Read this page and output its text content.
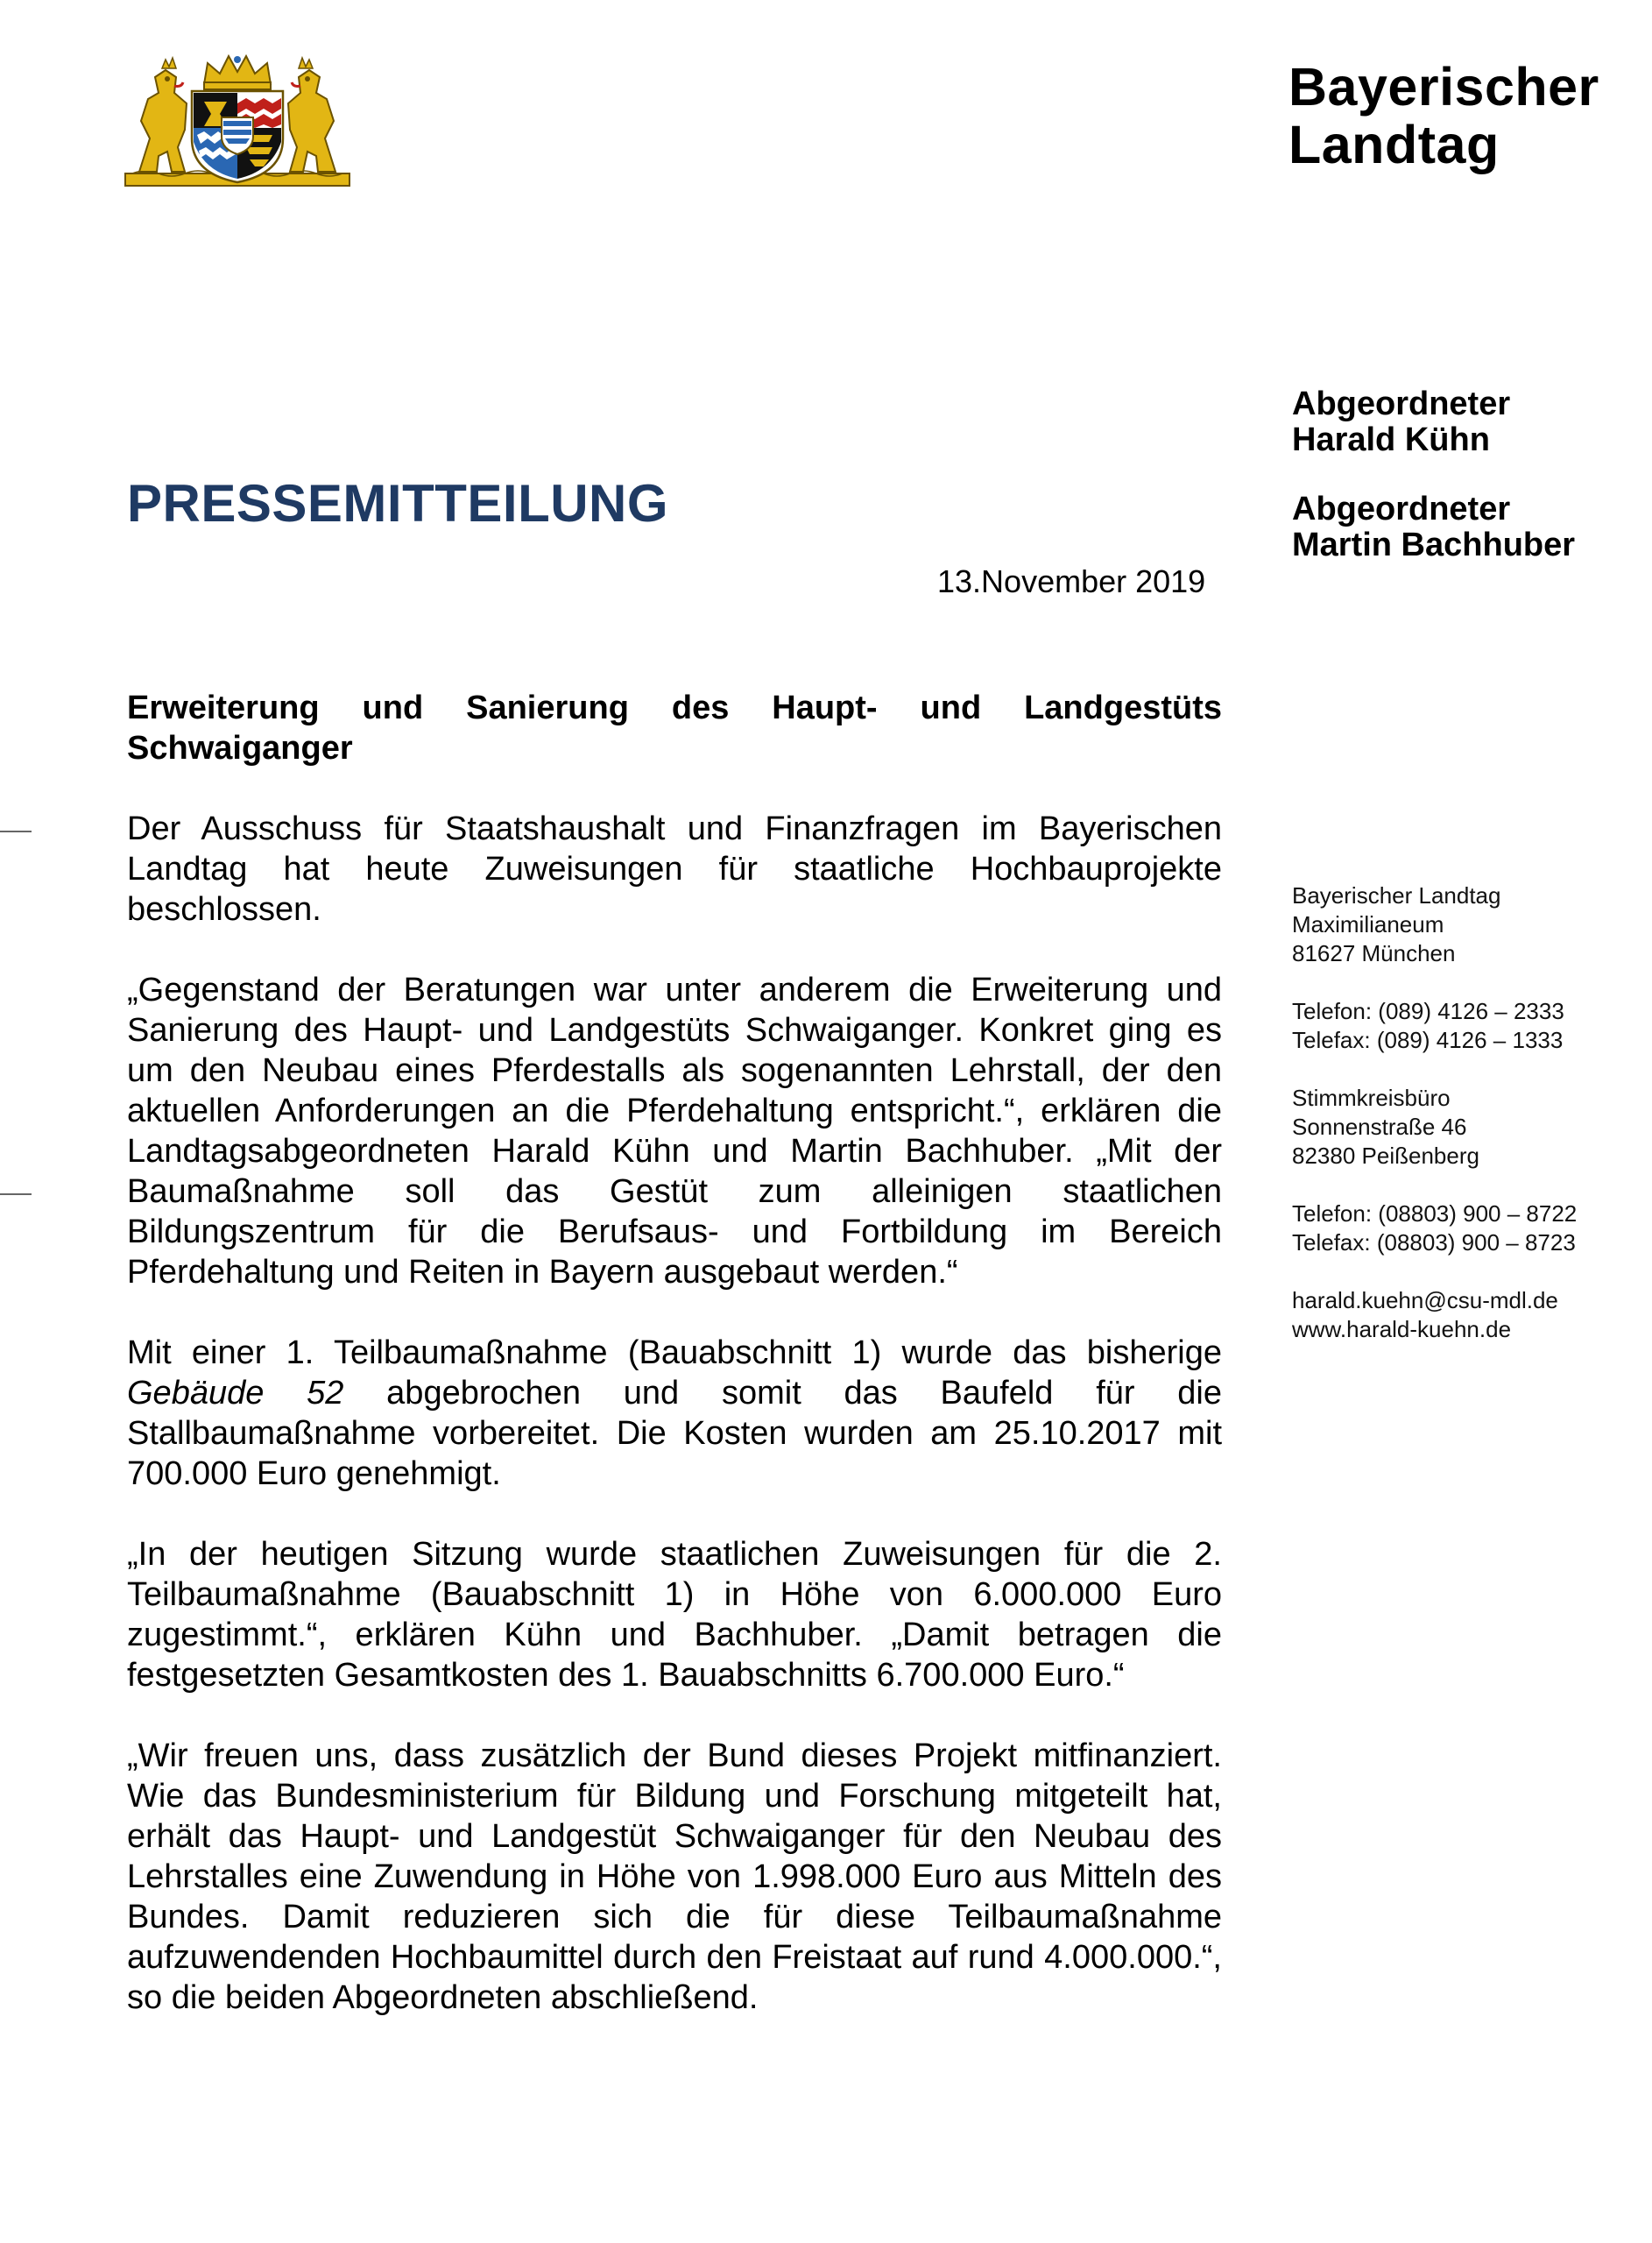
Bayerischer
Landtag
Abgeordneter
Harald Kühn
Abgeordneter
Martin Bachhuber
PRESSEMITTEILUNG
13.November 2019

Erweiterung und Sanierung des Haupt- und Landgestüts Schwaiganger

Der Ausschuss für Staatshaushalt und Finanzfragen im Bayerischen Landtag hat heute Zuweisungen für staatliche Hochbauprojekte beschlossen.

„Gegenstand der Beratungen war unter anderem die Erweiterung und Sanierung des Haupt- und Landgestüts Schwaiganger. Konkret ging es um den Neubau eines Pferdestalls als sogenannten Lehrstall, der den aktuellen Anforderungen an die Pferdehaltung entspricht.“, erklären die Landtagsabgeordneten Harald Kühn und Martin Bachhuber. „Mit der Baumaßnahme soll das Gestüt zum alleinigen staatlichen Bildungszentrum für die Berufsaus- und Fortbildung im Bereich Pferdehaltung und Reiten in Bayern ausgebaut werden.“

Mit einer 1. Teilbaumaßnahme (Bauabschnitt 1) wurde das bisherige Gebäude 52 abgebrochen und somit das Baufeld für die Stallbaumaßnahme vorbereitet. Die Kosten wurden am 25.10.2017 mit 700.000 Euro genehmigt.

„In der heutigen Sitzung wurde staatlichen Zuweisungen für die 2. Teilbaumaßnahme (Bauabschnitt 1) in Höhe von 6.000.000 Euro zugestimmt.“, erklären Kühn und Bachhuber. „Damit betragen die festgesetzten Gesamtkosten des 1. Bauabschnitts 6.700.000 Euro.“

„Wir freuen uns, dass zusätzlich der Bund dieses Projekt mitfinanziert. Wie das Bundesministerium für Bildung und Forschung mitgeteilt hat, erhält das Haupt- und Landgestüt Schwaiganger für den Neubau des Lehrstalles eine Zuwendung in Höhe von 1.998.000 Euro aus Mitteln des Bundes. Damit reduzieren sich die für diese Teilbaumaßnahme aufzuwendenden Hochbaumittel durch den Freistaat auf rund 4.000.000.“, so die beiden Abgeordneten abschließend.

Bayerischer Landtag
Maximilianeum
81627 München
Telefon: (089) 4126 – 2333
Telefax: (089) 4126 – 1333
Stimmkreisbüro
Sonnenstraße 46
82380 Peißenberg
Telefon: (08803) 900 – 8722
Telefax: (08803) 900 – 8723
harald.kuehn@csu-mdl.de
www.harald-kuehn.de
